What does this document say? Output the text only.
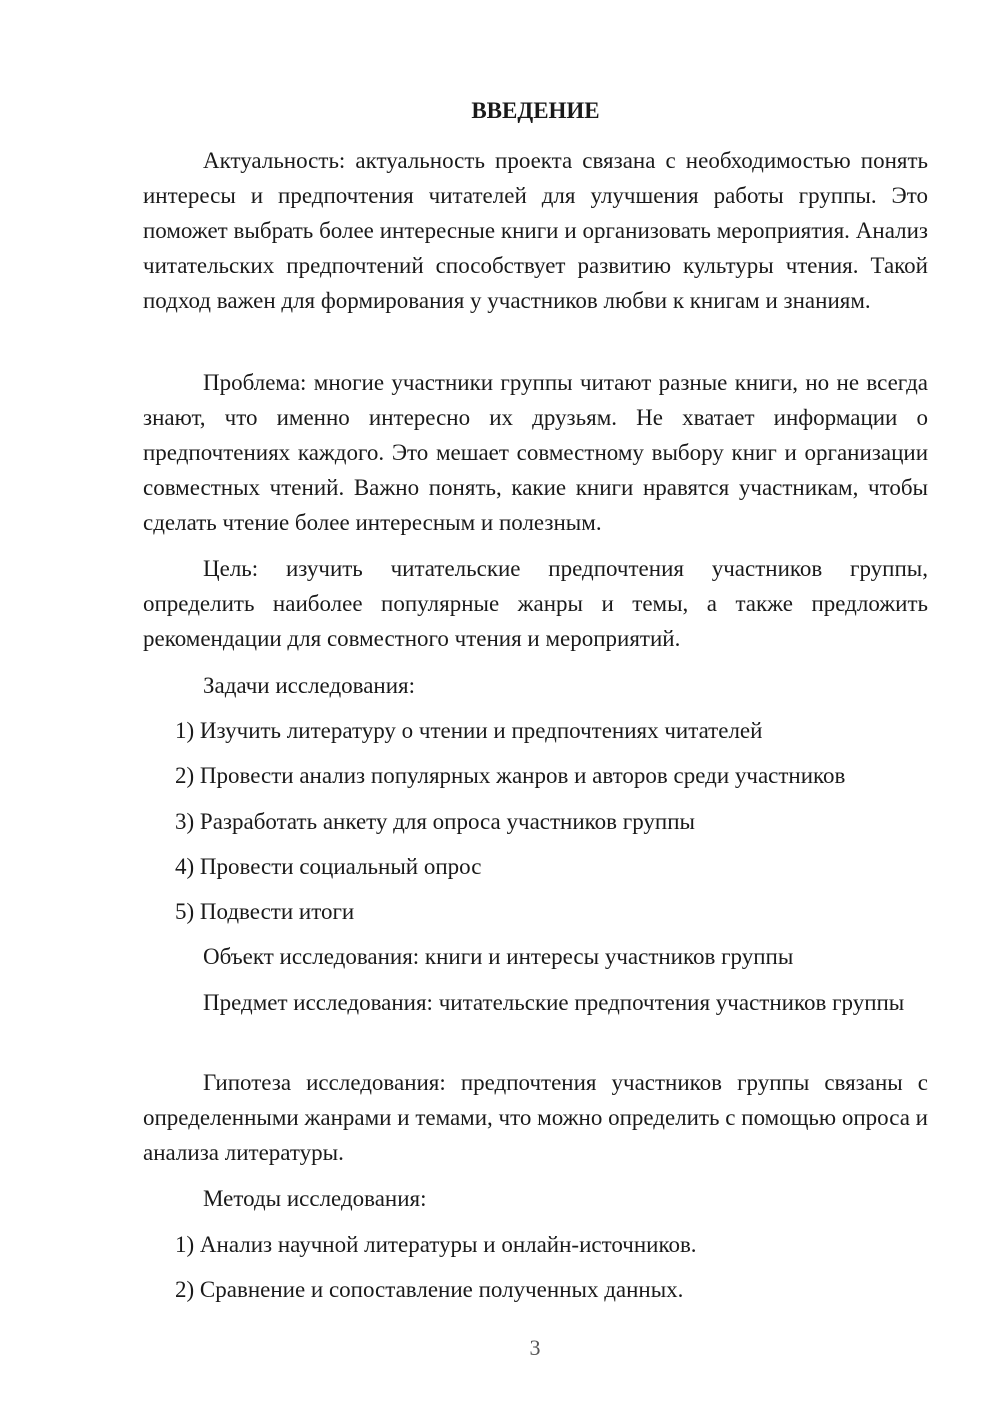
ВВЕДЕНИЕ

Актуальность: актуальность проекта связана с необходимостью понять интересы и предпочтения читателей для улучшения работы группы. Это поможет выбрать более интересные книги и организовать мероприятия. Анализ читательских предпочтений способствует развитию культуры чтения. Такой подход важен для формирования у участников любви к книгам и знаниям.

Проблема: многие участники группы читают разные книги, но не всегда знают, что именно интересно их друзьям. Не хватает информации о предпочтениях каждого. Это мешает совместному выбору книг и организации совместных чтений. Важно понять, какие книги нравятся участникам, чтобы сделать чтение более интересным и полезным.

Цель: изучить читательские предпочтения участников группы, определить наиболее популярные жанры и темы, а также предложить рекомендации для совместного чтения и мероприятий.

Задачи исследования:

1) Изучить литературу о чтении и предпочтениях читателей

2) Провести анализ популярных жанров и авторов среди участников

3) Разработать анкету для опроса участников группы

4) Провести социальный опрос

5) Подвести итоги

Объект исследования: книги и интересы участников группы

Предмет исследования: читательские предпочтения участников группы

Гипотеза исследования: предпочтения участников группы связаны с определенными жанрами и темами, что можно определить с помощью опроса и анализа литературы.

Методы исследования:

1) Анализ научной литературы и онлайн-источников.

2) Сравнение и сопоставление полученных данных.

3
